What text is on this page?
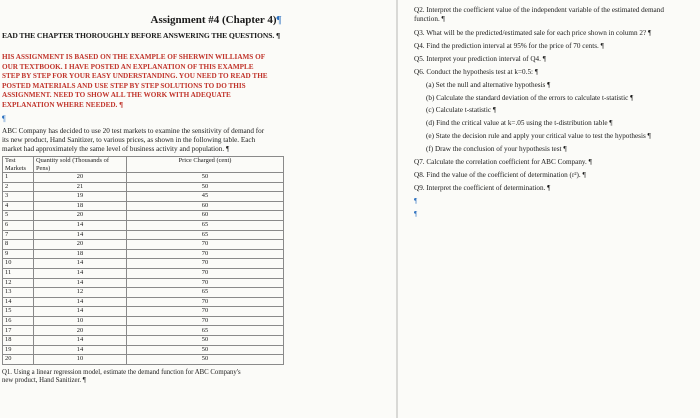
Assignment #4 (Chapter 4)¶
EAD THE CHAPTER THOROUGHLY BEFORE ANSWERING THE QUESTIONS. ¶
HIS ASSIGNMENT IS BASED ON THE EXAMPLE OF SHERWIN WILLIAMS OF
OUR TEXTBOOK. I HAVE POSTED AN EXPLANATION OF THIS EXAMPLE
STEP BY STEP FOR YOUR EASY UNDERSTANDING. YOU NEED TO READ THE
POSTED MATERIALS AND USE STEP BY STEP SOLUTIONS TO DO THIS
ASSIGNMENT. NEED TO SHOW ALL THE WORK WITH ADEQUATE
EXPLANATION WHERE NEEDED. ¶
¶
ABC Company has decided to use 20 test markets to examine the sensitivity of demand for
its new product, Hand Sanitizer, to various prices, as shown in the following table. Each
market had approximately the same level of business activity and population. ¶
Test Markets	Quantity sold (Thousands of Pens)	Price Charged (cent)
1	20	50
2	21	50
3	19	45
4	18	60
5	20	60
6	14	65
7	14	65
8	20	70
9	18	70
10	14	70
11	14	70
12	14	70
13	12	65
14	14	70
15	14	70
16	10	70
17	20	65
18	14	50
19	14	50
20	10	50
Q1. Using a linear regression model, estimate the demand function for ABC Company's
new product, Hand Sanitizer. ¶
Q2. Interpret the coefficient value of the independent variable of the estimated demand
function. ¶
Q3. What will be the predicted/estimated sale for each price shown in column 2? ¶
Q4. Find the prediction interval at 95% for the price of 70 cents. ¶
Q5. Interpret your prediction interval of Q4. ¶
Q6. Conduct the hypothesis test at k=0.5: ¶
(a) Set the null and alternative hypothesis ¶
(b) Calculate the standard deviation of the errors to calculate t-statistic ¶
(c) Calculate t-statistic ¶
(d) Find the critical value at k=.05 using the t-distribution table ¶
(e) State the decision rule and apply your critical value to test the hypothesis ¶
(f) Draw the conclusion of your hypothesis test ¶
Q7. Calculate the correlation coefficient for ABC Company. ¶
Q8. Find the value of the coefficient of determination (r²). ¶
Q9. Interpret the coefficient of determination. ¶
¶
¶
